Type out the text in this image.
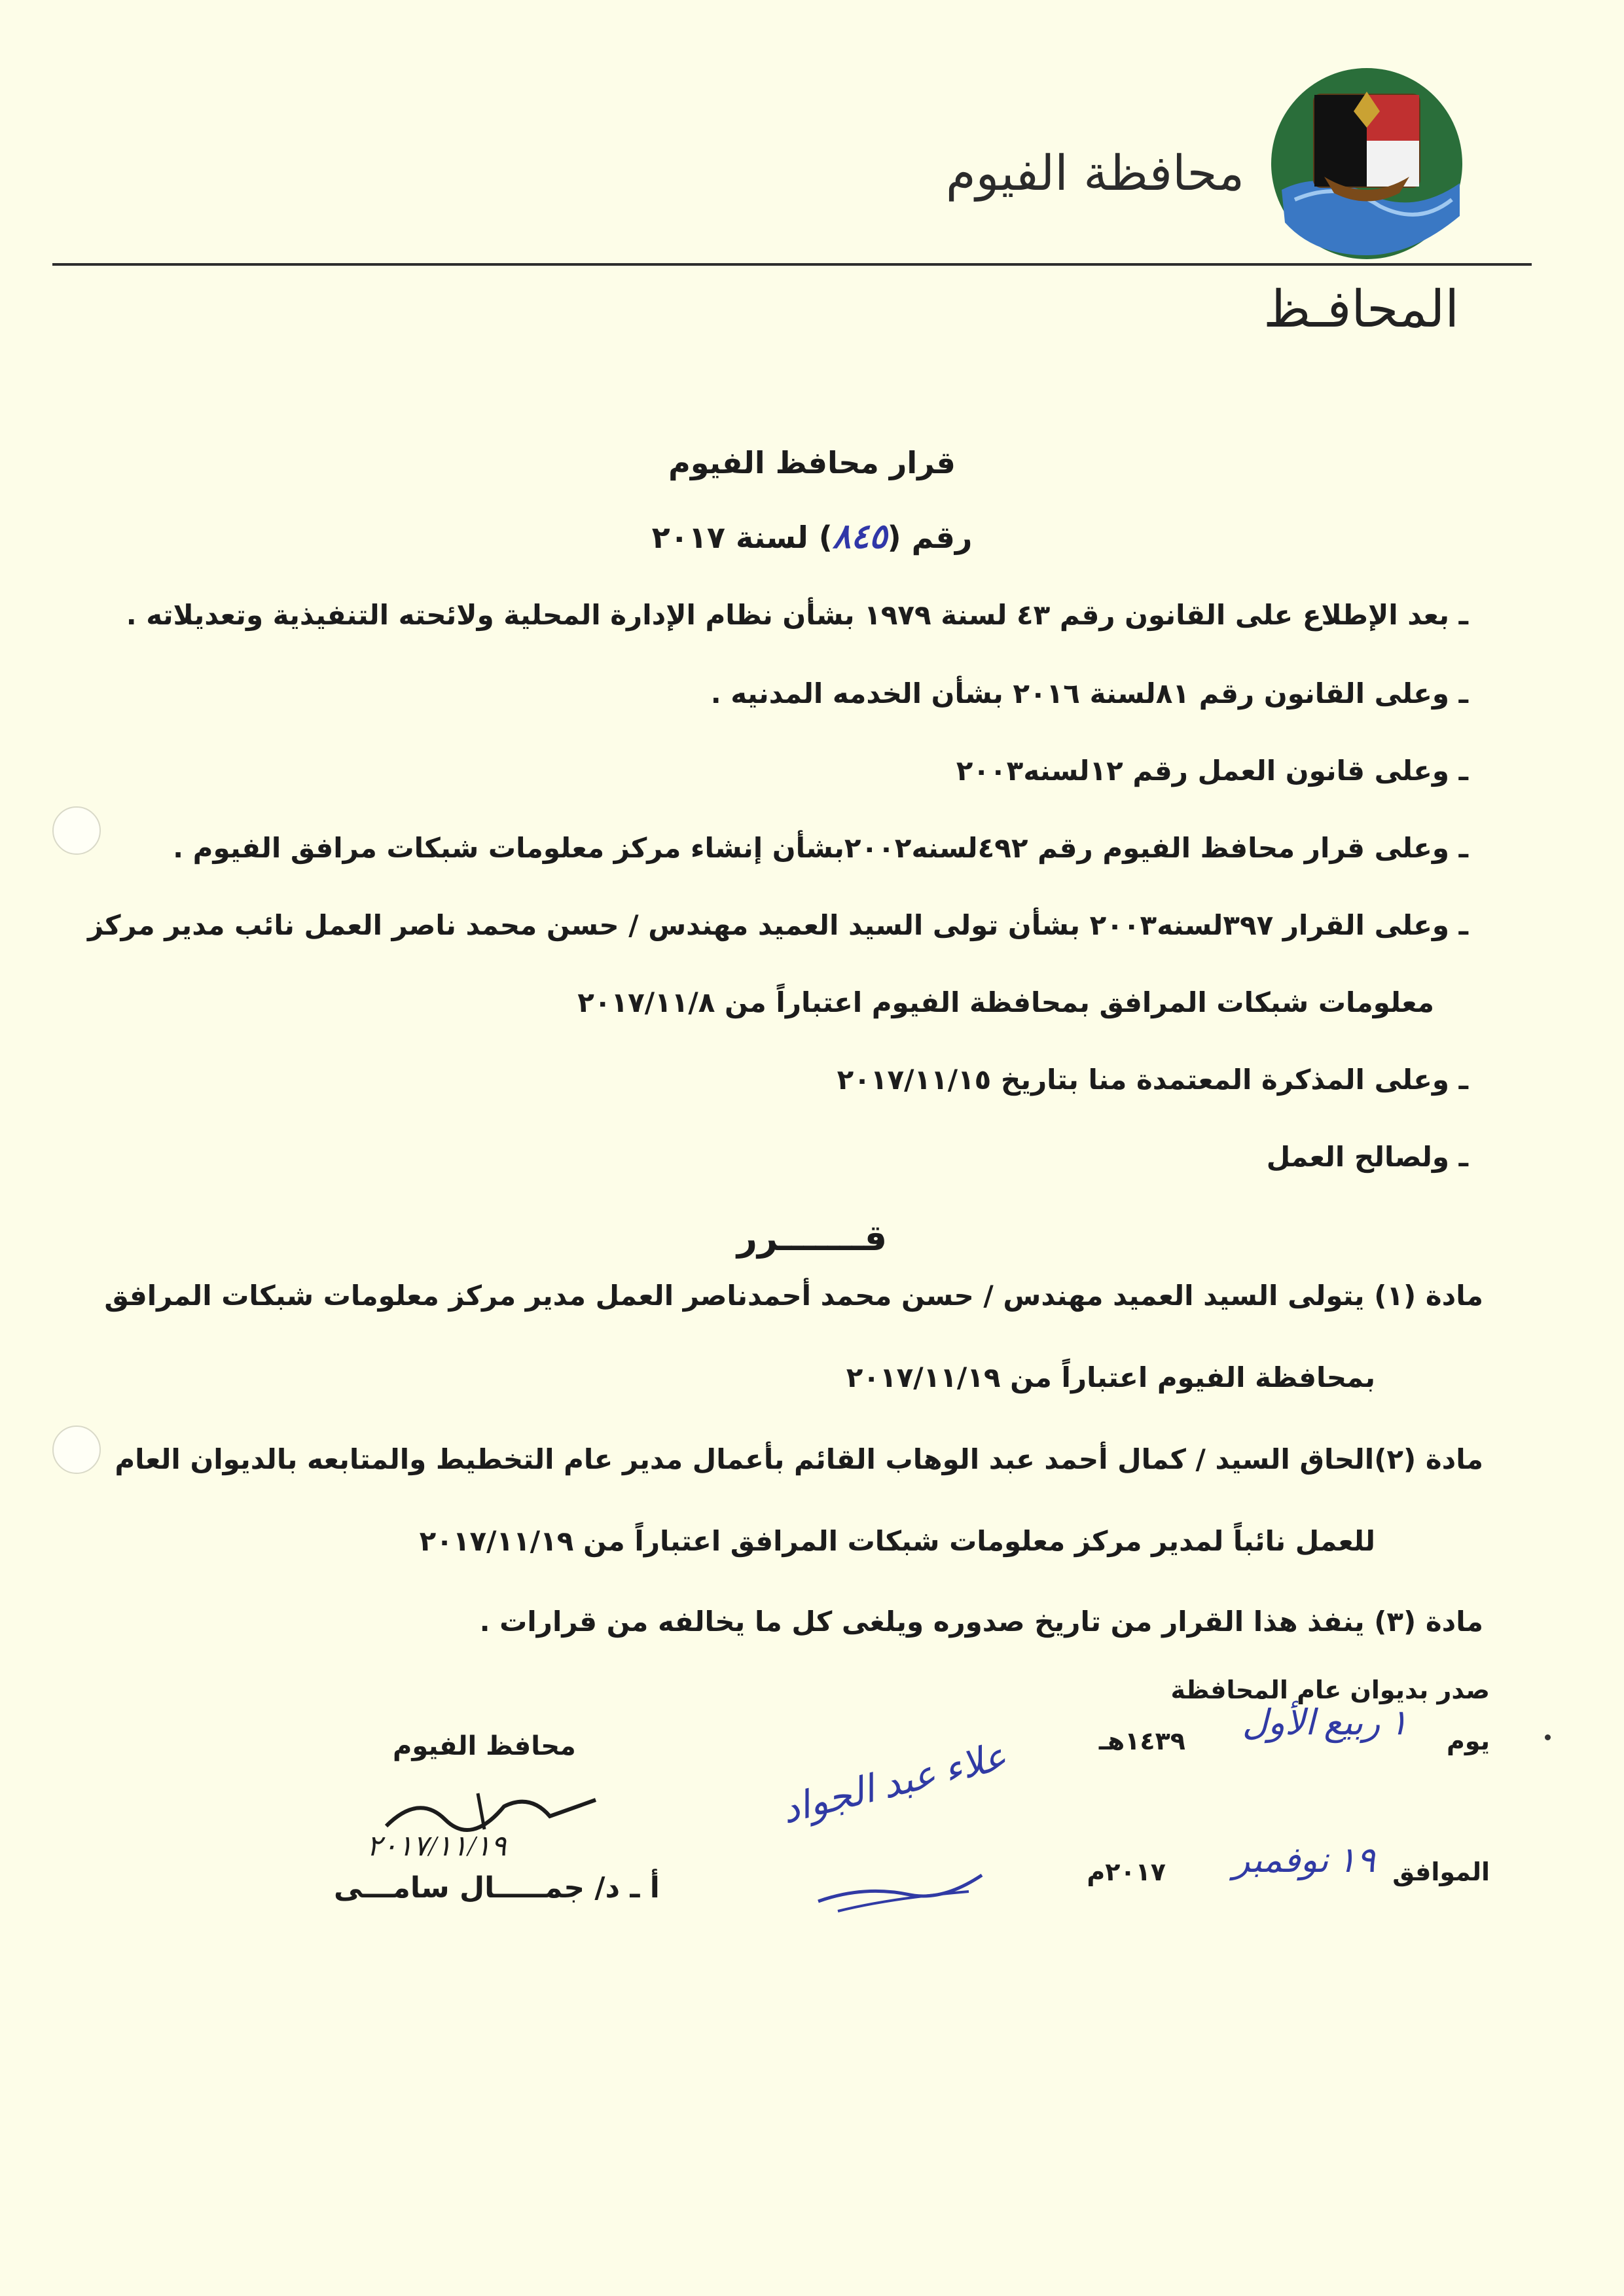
محافظة الفيوم
المحافـظ
قرار محافظ الفيوم
رقم (٨٤٥) لسنة ٢٠١٧
ـ بعد الإطلاع على القانون رقم ٤٣ لسنة ١٩٧٩ بشأن نظام الإدارة المحلية ولائحته التنفيذية وتعديلاته .
ـ وعلى القانون رقم ٨١لسنة ٢٠١٦ بشأن الخدمه المدنيه .
ـ وعلى قانون العمل رقم ١٢لسنه٢٠٠٣
ـ وعلى قرار محافظ الفيوم رقم ٤٩٢لسنه٢٠٠٢بشأن إنشاء مركز معلومات شبكات مرافق الفيوم .
ـ وعلى القرار ٣٩٧لسنه٢٠٠٣ بشأن تولى السيد العميد مهندس / حسن محمد ناصر العمل نائب مدير مركز
معلومات شبكات المرافق بمحافظة الفيوم اعتباراً من ٢٠١٧/١١/٨
ـ وعلى المذكرة المعتمدة منا بتاريخ ٢٠١٧/١١/١٥
ـ ولصالح العمل
قـــــــرر
مادة (١) يتولى السيد العميد مهندس / حسن محمد أحمدناصر العمل مدير مركز معلومات شبكات المرافق
بمحافظة الفيوم اعتباراً من ٢٠١٧/١١/١٩
مادة (٢)الحاق السيد / كمال أحمد عبد الوهاب القائم بأعمال مدير عام التخطيط والمتابعه بالديوان العام
للعمل نائباً لمدير مركز معلومات شبكات المرافق اعتباراً من ٢٠١٧/١١/١٩
مادة (٣) ينفذ هذا القرار من تاريخ صدوره ويلغى كل ما يخالفه من قرارات .
صدر بديوان عام المحافظة
يوم
١ ربيع الأول
١٤٣٩هـ
الموافق
١٩ نوفمبر
٢٠١٧م
علاء عبد الجواد
محافظ الفيوم
٢٠١٧/١١/١٩
أ ـ د/ جمـــــال سامـــى
